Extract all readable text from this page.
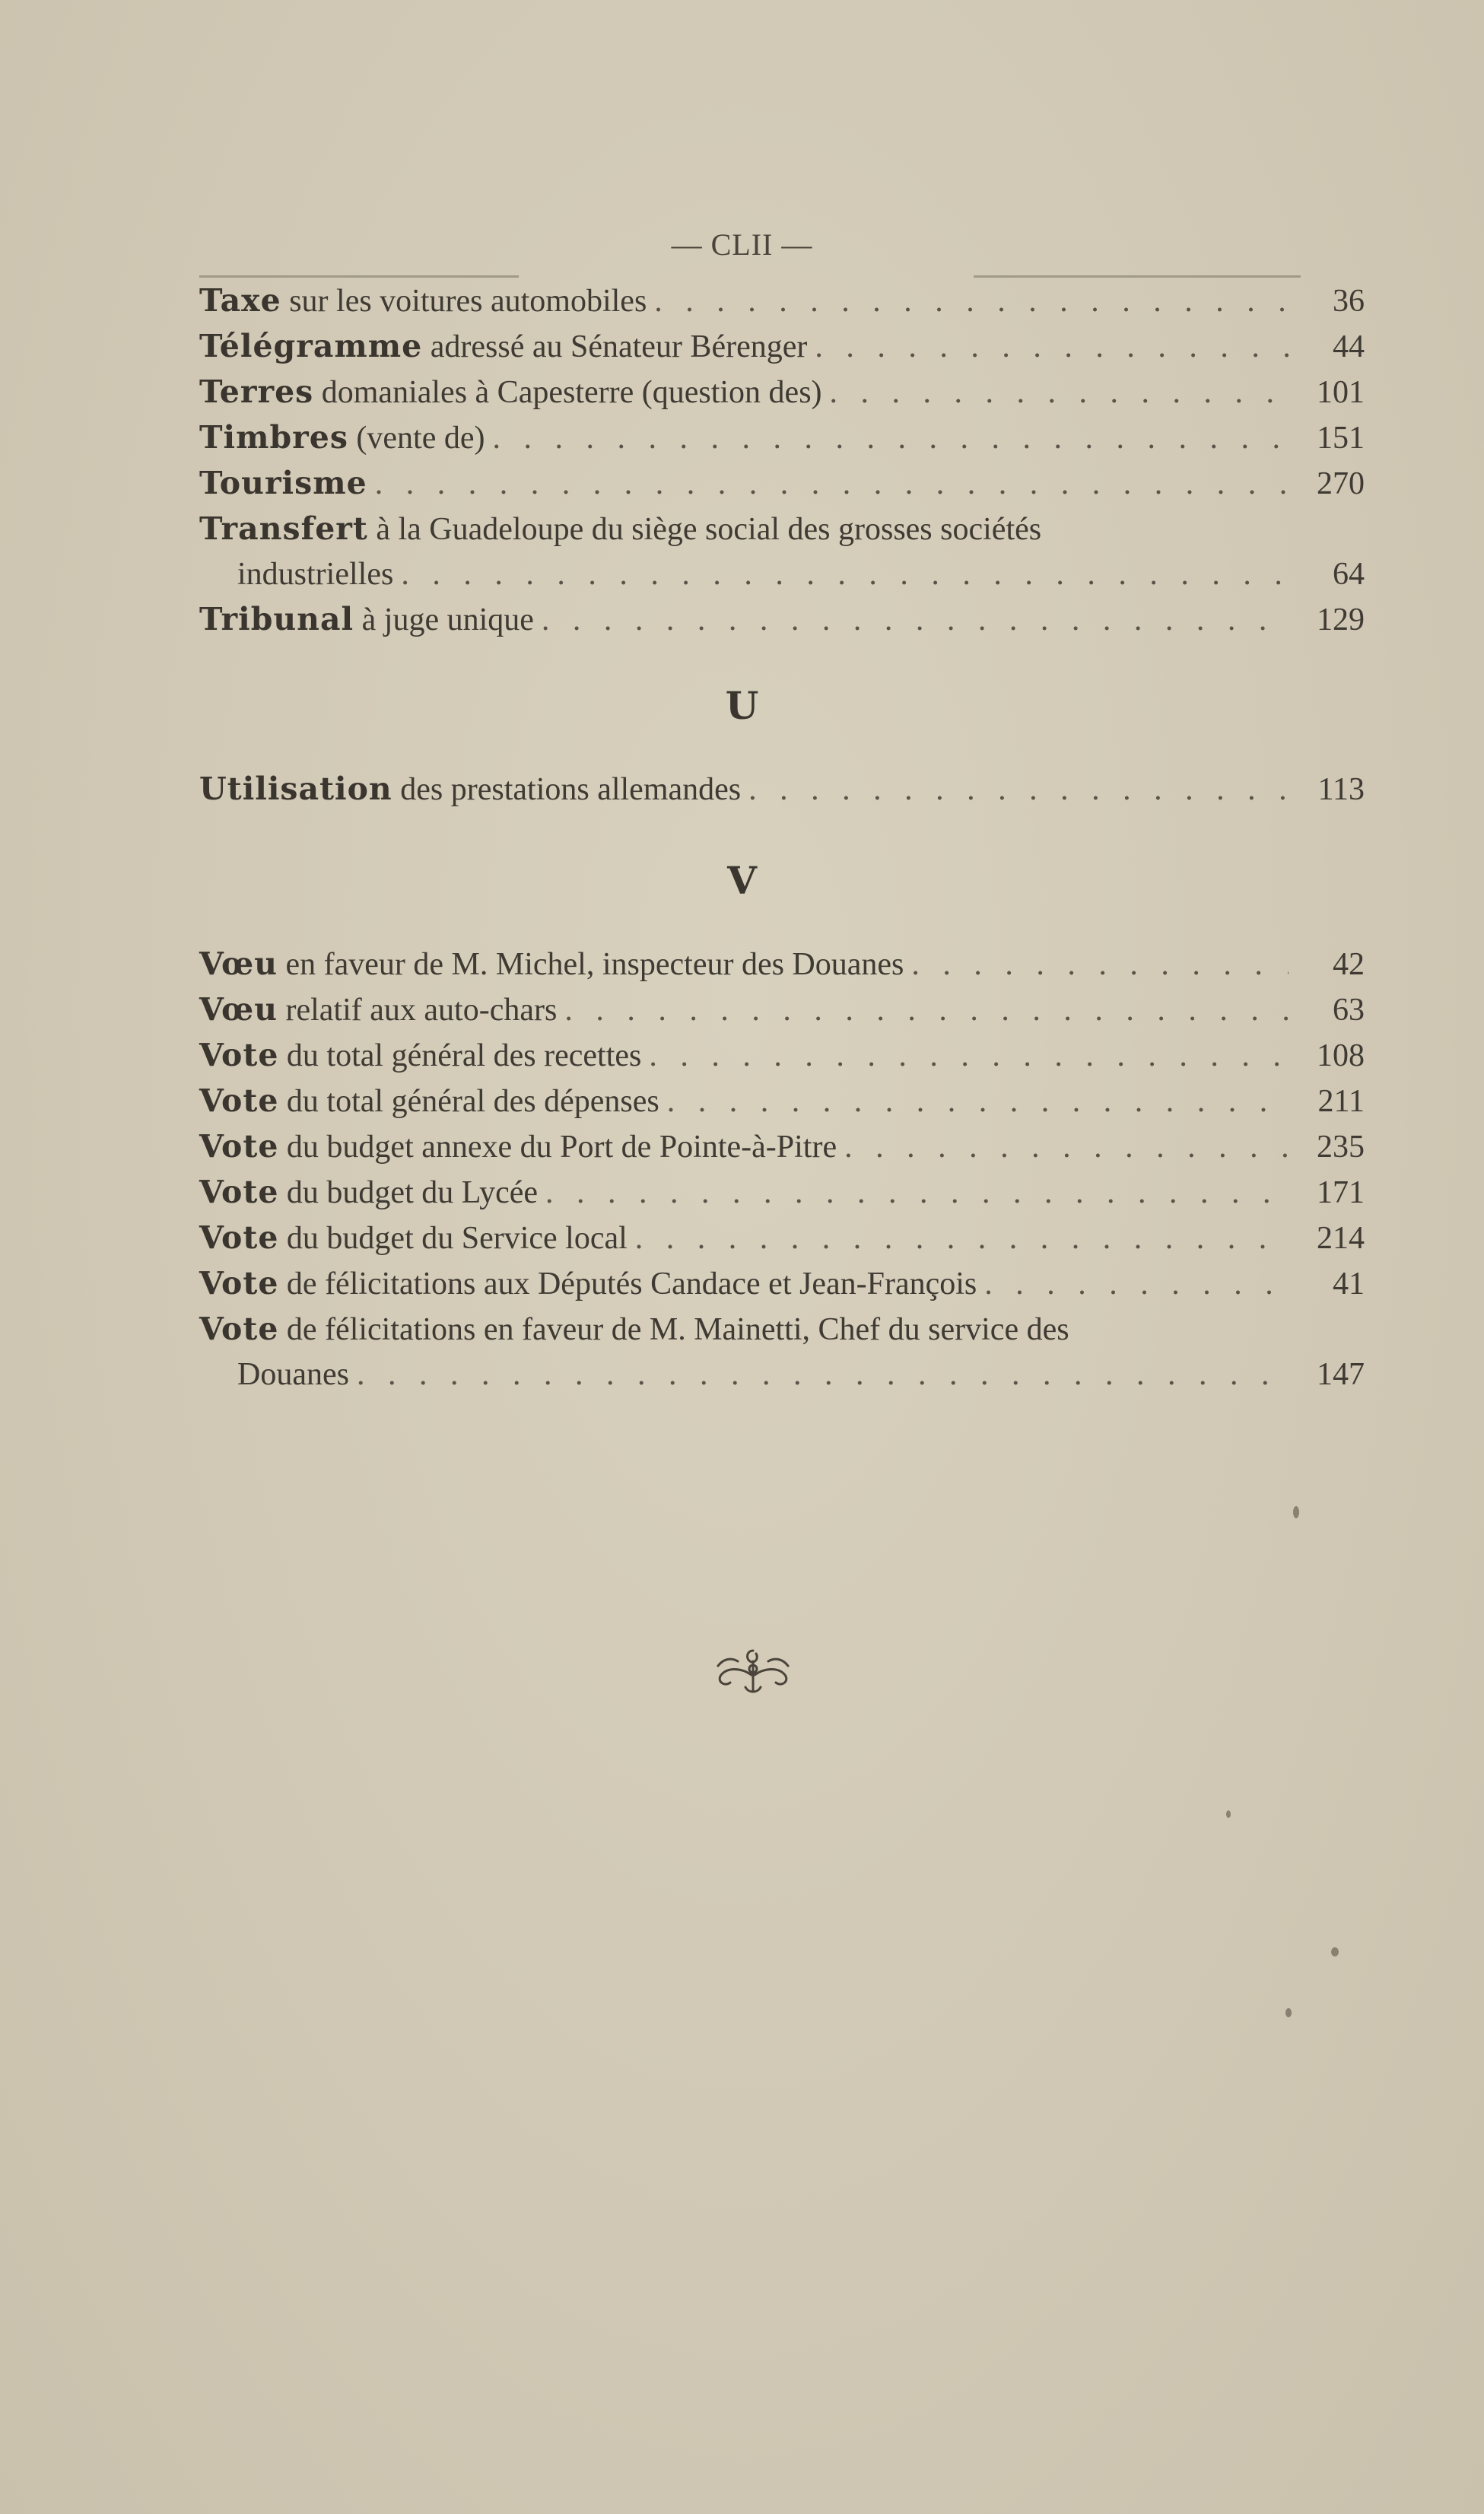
— CLII —
Taxe sur les voitures automobiles . . .	36
Télégramme adressé au Sénateur Bérenger . . .	44
Terres domaniales à Capesterre (question des) . . .	101
Timbres (vente de) . . .	151
Tourisme . . .	270
Transfert à la Guadeloupe du siège social des grosses sociétés
industrielles . . .	64
Tribunal à juge unique . . .	129
U
Utilisation des prestations allemandes . . .	113
V
Vœu en faveur de M. Michel, inspecteur des Douanes . . .	42
Vœu relatif aux auto-chars . . .	63
Vote du total général des recettes . . .	108
Vote du total général des dépenses . . .	211
Vote du budget annexe du Port de Pointe-à-Pitre . . .	235
Vote du budget du Lycée . . .	171
Vote du budget du Service local . . .	214
Vote de félicitations aux Députés Candace et Jean-François . . .	41
Vote de félicitations en faveur de M. Mainetti, Chef du service des
Douanes . . .	147
